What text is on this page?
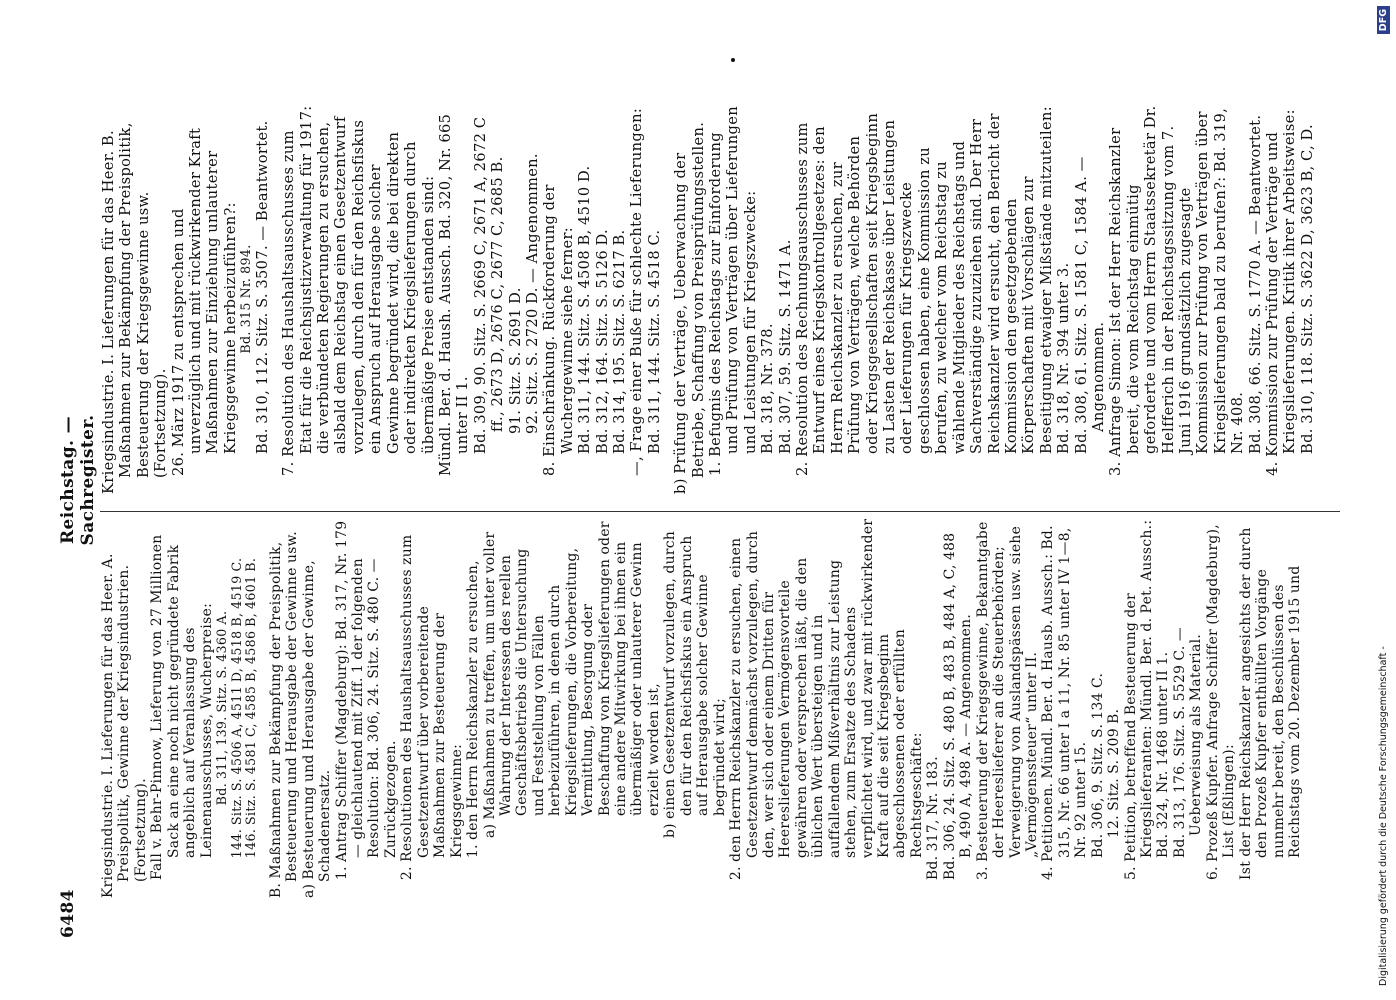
6484
Reichstag. — Sachregister.

Kriegsindustrie. I. Lieferungen für das Heer. A. Preispolitik, Gewinne der Kriegsindustrien. (Fortsetzung). Fall v. Behr-Pinnow, Lieferung von 27 Millionen Sack an eine noch nicht gegründete Fabrik angeblich auf Veranlassung des Leinenausschusses, Wucherpreise: Bd. 311, 139. Sitz. S. 4360 A. 144. Sitz. S. 4506 A, 4511 D, 4518 B, 4519 C. 146. Sitz. S. 4581 C, 4585 B, 4586 B, 4601 B. B. Maßnahmen zur Bekämpfung der Preispolitik, Besteuerung und Herausgabe der Gewinne usw. a) Besteuerung und Herausgabe der Gewinne, Schadenersatz. 1. Antrag Schiffer (Magdeburg): Bd. 317, Nr. 179 — gleichlautend mit Ziff. 1 der folgenden Resolution: Bd. 306, 24. Sitz. S. 480 C. — Zurückgezogen. 2. Resolutionen des Haushaltsausschusses zum Gesetzentwurf über vorbereitende Maßnahmen zur Besteuerung der Kriegsgewinne: 1. den Herrn Reichskanzler zu ersuchen, a) Maßnahmen zu treffen, um unter voller Wahrung der Interessen des reellen Geschäftsbetriebs die Untersuchung und Feststellung von Fällen herbeizuführen, in denen durch Kriegslieferungen, die Vorbereitung, Vermittlung, Besorgung oder Beschaffung von Kriegslieferungen oder eine andere Mitwirkung bei ihnen ein übermäßiger oder unlauterer Gewinn erzielt worden ist, b) einen Gesetzentwurf vorzulegen, durch den für den Reichsfiskus ein Anspruch auf Herausgabe solcher Gewinne begründet wird; 2. den Herrn Reichskanzler zu ersuchen, einen Gesetzentwurf demnächst vorzulegen, durch den, wer sich oder einem Dritten für Heereslieferungen Vermögensvorteile gewähren oder versprechen läßt, die den üblichen Wert übersteigen und in auffallendem Mißverhältnis zur Leistung stehen, zum Ersatze des Schadens verpflichtet wird, und zwar mit rückwirkender Kraft auf die seit Kriegsbeginn abgeschlossenen oder erfüllten Rechtsgeschäfte: Bd. 317, Nr. 183. Bd. 306, 24. Sitz. S. 480 B, 483 B, 484 A, C, 488 B, 490 A, 498 A. — Angenommen. 3. Besteuerung der Kriegsgewinne, Bekanntgabe der Heereslieferer an die Steuerbehörden; Verweigerung von Auslandspässen usw. siehe „Vermögenssteuer“ unter II. 4. Petitionen. Mündl. Ber. d. Hausb. Aussch.: Bd. 315, Nr. 66 unter I a 11, Nr. 85 unter IV 1—8, Nr. 92 unter 15. Bd. 306, 9. Sitz. S. 134 C. 12. Sitz. S. 209 B. 5. Petition, betreffend Besteuerung der Kriegslieferanten: Mündl. Ber. d. Pet. Aussch.: Bd. 324, Nr. 1468 unter II 1. Bd. 313, 176. Sitz. S. 5529 C. — Ueberweisung als Material. 6. Prozeß Kupfer. Anfrage Schiffer (Magdeburg), List (Eßlingen): Ist der Herr Reichskanzler angesichts der durch den Prozeß Kupfer enthüllten Vorgänge nunmehr bereit, den Beschlüssen des Reichstags vom 20. Dezember 1915 und

Kriegsindustrie. I. Lieferungen für das Heer. B. Maßnahmen zur Bekämpfung der Preispolitik, Besteuerung der Kriegsgewinne usw. (Fortsetzung). 26. März 1917 zu entsprechen und unverzüglich und mit rückwirkender Kraft Maßnahmen zur Einziehung unlauterer Kriegsgewinne herbeizuführen?: Bd. 315 Nr. 894. Bd. 310, 112. Sitz. S. 3507. — Beantwortet. 7. Resolution des Haushaltsausschusses zum Etat für die Reichsjustizverwaltung für 1917: die verbündeten Regierungen zu ersuchen, alsbald dem Reichstag einen Gesetzentwurf vorzulegen, durch den für den Reichsfiskus ein Anspruch auf Herausgabe solcher Gewinne begründet wird, die bei direkten oder indirekten Kriegslieferungen durch übermäßige Preise entstanden sind: Mündl. Ber. d. Haush. Aussch. Bd. 320, Nr. 665 unter II 1. Bd. 309, 90. Sitz. S. 2669 C, 2671 A, 2672 C ff., 2673 D, 2676 C, 2677 C, 2685 B. 91. Sitz. S. 2691 D. 92. Sitz. S. 2720 D. — Angenommen. 8. Einschränkung. Rückforderung der Wuchergewinne siehe ferner: Bd. 311, 144. Sitz. S. 4508 B, 4510 D. Bd. 312, 164. Sitz. S. 5126 D. Bd. 314, 195. Sitz. S. 6217 B. —, Frage einer Buße für schlechte Lieferungen: Bd. 311, 144. Sitz. S. 4518 C. b) Prüfung der Verträge, Ueberwachung der Betriebe, Schaffung von Preisprüfungsstellen. 1. Befugnis des Reichstags zur Einforderung und Prüfung von Verträgen über Lieferungen und Leistungen für Kriegszwecke: Bd. 318, Nr. 378. Bd. 307, 59. Sitz. S. 1471 A. 2. Resolution des Rechnungsausschusses zum Entwurf eines Kriegskontrollgesetzes: den Herrn Reichskanzler zu ersuchen, zur Prüfung von Verträgen, welche Behörden oder Kriegsgesellschaften seit Kriegsbeginn zu Lasten der Reichskasse über Leistungen oder Lieferungen für Kriegszwecke geschlossen haben, eine Kommission zu berufen, zu welcher vom Reichstag zu wählende Mitglieder des Reichstags und Sachverständige zuzuziehen sind. Der Herr Reichskanzler wird ersucht, den Bericht der Kommission den gesetzgebenden Körperschaften mit Vorschlägen zur Beseitigung etwaiger Mißstände mitzuteilen: Bd. 318, Nr. 394 unter 3. Bd. 308, 61. Sitz. S. 1581 C, 1584 A. — Angenommen. 3. Anfrage Simon: Ist der Herr Reichskanzler bereit, die vom Reichstag einmütig geforderte und vom Herrn Staatssekretär Dr. Helfferich in der Reichstagssitzung vom 7. Juni 1916 grundsätzlich zugesagte Kommission zur Prüfung von Verträgen über Kriegslieferungen bald zu berufen?: Bd. 319, Nr. 408. Bd. 308, 66. Sitz. S. 1770 A. — Beantwortet. 4. Kommission zur Prüfung der Verträge und Kriegslieferungen. Kritik ihrer Arbeitsweise: Bd. 310, 118. Sitz. S. 3622 D, 3623 B, C, D.

Digitalisierung gefördert durch die Deutsche Forschungsgemeinschaft -
DFG
